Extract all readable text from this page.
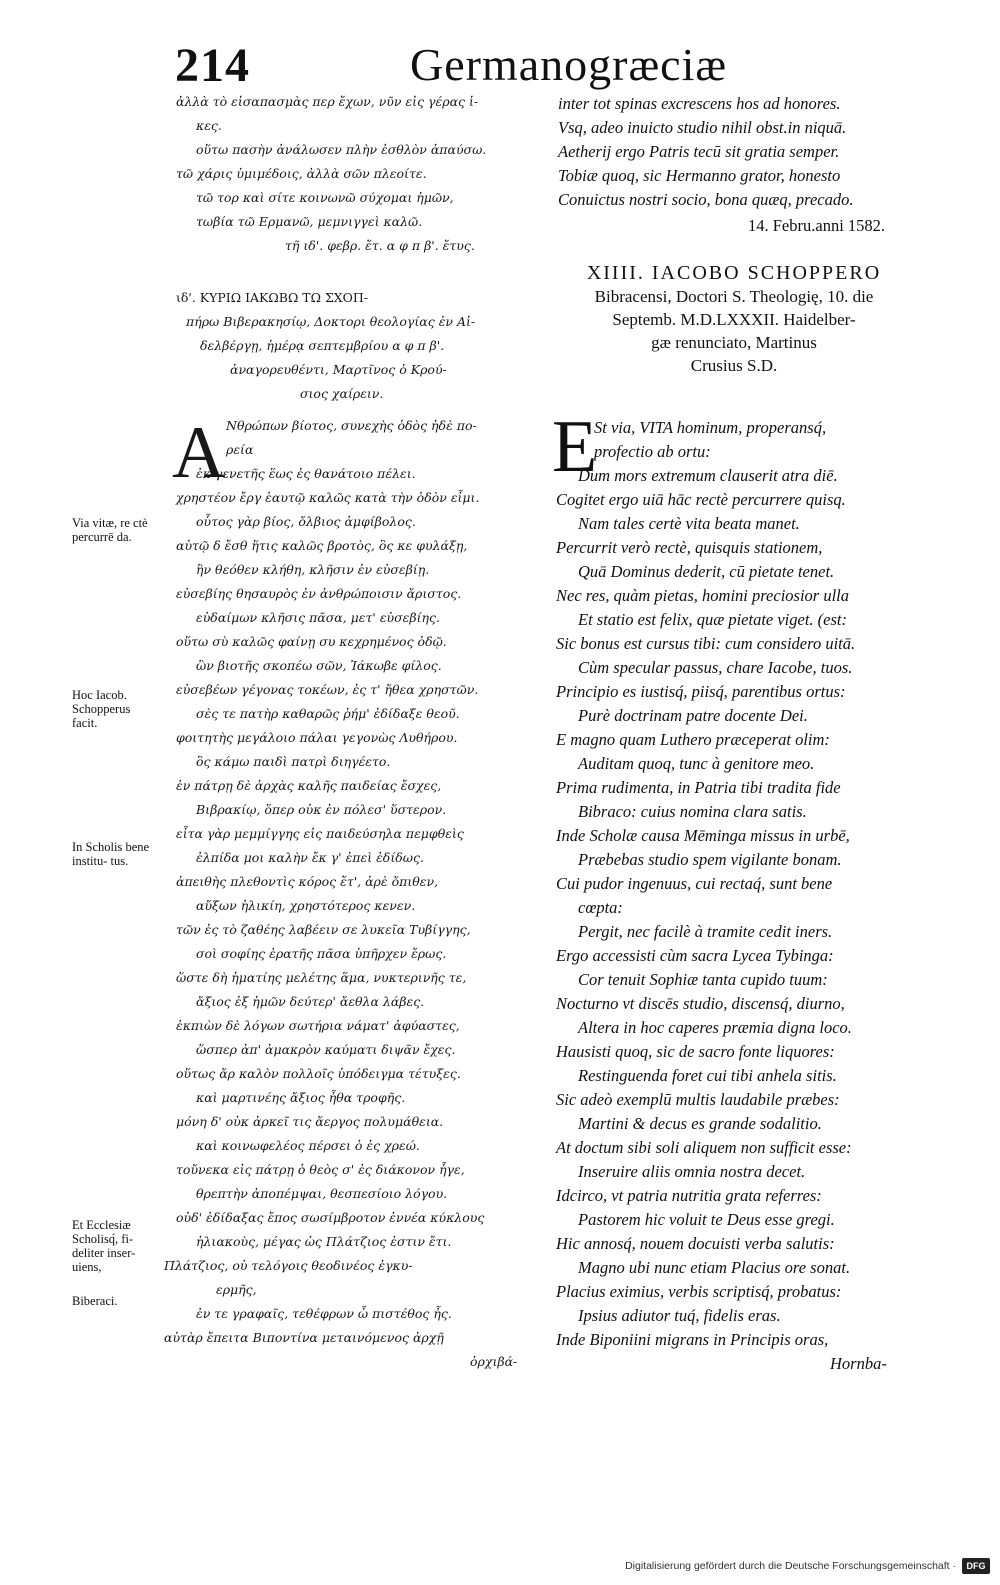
214	Germanogræciæ
Via vitæ, re ctè percurrē da.
Hoc Iacob. Schopperus facit.
In Scholis bene institu- tus.
Et Ecclesiæ Scholisq́, fi- deliter inser- uiens,
Biberaci.
ἀλλὰ τὸ εἰσαπασμὰς περ ἔχων, νῦν εἰς γέρας ἱ-
κες.
οὕτω πασὴν ἀνάλωσεν πλὴν ἐσθλὸν ἀπαύσω.
τῶ χάρις ὑμιμέδοις, ἀλλὰ σῶν πλεοίτε.
τῶ τορ καὶ σίτε κοινωνῶ σύχομαι ἡμῶν,
τωβία τῶ Ερμανῶ, μεμνιγγεὶ καλῶ.
τῆ ιδ'. φεβρ. ἔτ. α φ π β'. ἔτυς.
ιδ'. ΚΥΡΙΩ ΙΑΚΩΒΩ ΤΩ ΣΧΟΠ-
πήρω Βιβερακησίῳ, Δοκτορι θεολογίας ἐν Αἰ-
δελβέργῃ, ἡμέρᾳ σεπτεμβρίου α φ π β'.
ἀναγορευθέντι, Μαρτῖνος ὁ Κρού-
σιος χαίρειν.
Α Νθρώπων βίοτος, συνεχὴς ὁδὸς ἠδὲ πο-
ρεία
ἐκ γενετῆς ἕως ἐς θανάτοιο πέλει.
χρηστέον ἔργ ἑαυτῷ καλῶς κατὰ τὴν ὁδὸν εἶμι.
οὗτος γὰρ βίος, ὄλβιος ἀμφίβολος.
αὐτῷ δ ἔσθ ἥτις καλῶς βροτὸς, ὃς κε φυλάξῃ,
ἣν θεόθεν κλήθη, κλῆσιν ἐν εὐσεβίῃ.
εὐσεβίης θησαυρὸς ἐν ἀνθρώποισιν ἄριστος.
εὐδαίμων κλῆσις πᾶσα, μετ' εὐσεβίης.
οὕτω σὺ καλῶς φαίνῃ συ κεχρημένος ὁδῷ.
ὣν βιοτῆς σκοπέω σῶν, Ἰάκωβε φίλος.
εὐσεβέων γέγονας τοκέων, ἐς τ' ἤθεα χρηστῶν.
σὲς τε πατὴρ καθαρῶς ῥήμ' ἐδίδαξε θεοῦ.
φοιτητὴς μεγάλοιο πάλαι γεγονὼς Λυθήρου.
ὃς κάμω παιδὶ πατρὶ διηγέετο.
ἐν πάτρῃ δὲ ἀρχὰς καλῆς παιδείας ἔσχες,
Βιβρακίῳ, ὅπερ οὐκ ἐν πόλεσ' ὕστερον.
εἶτα γὰρ μεμμίγγης εἰς παιδεύσηλα πεμφθεὶς
ἐλπίδα μοι καλὴν ἔκ γ' ἐπεὶ ἐδίδως.
ἀπειθὴς πλεθοντὶς κόρος ἔτ', ἀρὲ ὄπιθεν,
αὔξων ἡλικίη, χρηστότερος κενεν.
τῶν ἐς τὸ ζαθέης λαβέειν σε λυκεῖα Τυβίγγης,
σοὶ σοφίης ἐρατῆς πᾶσα ὑπῆρχεν ἔρως.
ὥστε δὴ ἡματίης μελέτης ἅμα, νυκτερινῆς τε,
ἄξιος ἐξ ἡμῶν δεύτερ' ἄεθλα λάβες.
ἐκπιὼν δὲ λόγων σωτήρια νάματ' ἀφύαστες,
ὥσπερ ἀπ' ἀμακρὸν καύματι διψᾶν ἔχες.
οὕτως ἄρ καλὸν πολλοῖς ὑπόδειγμα τέτυξες.
καὶ μαρτινέης ἄξιος ἦθα τροφῆς.
μόνη δ' οὐκ ἀρκεῖ τις ἄεργος πολυμάθεια.
καὶ κοινωφελέος πέρσει ὁ ἐς χρεώ.
τοὔνεκα εἰς πάτρῃ ὁ θεὸς σ' ἐς διάκονον ἦγε,
θρεπτὴν ἀποπέμψαι, θεσπεσίοιο λόγου.
οὐδ' ἐδίδαξας ἔπος σωσίμβροτον ἐννέα κύκλους
ἡλιακοὺς, μέγας ὡς Πλάτζιος ἐστιν ἔτι.
Πλάτζιος, οὐ τελόγοις θεοδινέος ἐγκυ-
ερμῆς,
ἐν τε γραφαῖς, τεθέφρων ὦ πιστέθος ἦς.
αὐτὰρ ἔπειτα Βιποντίνα μεταινόμενος ἀρχῇ
ὀρχιβά-
inter tot spinas excrescens hos ad honores.
Vsq, adeo inuicto studio nihil obst.in niquā.
Aetherij ergo Patris tecū sit gratia semper.
Tobiæ quoq, sic Hermanno grator, honesto
Conuictus nostri socio, bona quæq, precado.
14. Febru.anni 1582.
XIIII. IACOBO SCHOPPERO
Bibracensi, Doctori S. Theologię, 10. die
Septemb. M.D.LXXXII. Haidelber-
gæ renunciato, Martinus
Crusius S.D.
E
St via, VITA hominum, properansq́,
profectio ab ortu:
Dum mors extremum clauserit atra diē.
Cogitet ergo uiā hāc rectè percurrere quisq.
Nam tales certè vita beata manet.
Percurrit verò rectè, quisquis stationem,
Quā Dominus dederit, cū pietate tenet.
Nec res, quàm pietas, homini preciosior ulla
Et statio est felix, quæ pietate viget. (est:
Sic bonus est cursus tibi: cum considero uitā.
Cùm specular passus, chare Iacobe, tuos.
Principio es iustisq́, piisq́, parentibus ortus:
Purè doctrinam patre docente Dei.
E magno quam Luthero præceperat olim:
Auditam quoq, tunc à genitore meo.
Prima rudimenta, in Patria tibi tradita fide
Bibraco: cuius nomina clara satis.
Inde Scholæ causa Mēminga missus in urbē,
Præbebas studio spem vigilante bonam.
Cui pudor ingenuus, cui rectaq́, sunt bene
cœpta:
Pergit, nec facilè à tramite cedit iners.
Ergo accessisti cùm sacra Lycea Tybinga:
Cor tenuit Sophiæ tanta cupido tuum:
Nocturno vt discēs studio, discensq́, diurno,
Altera in hoc caperes præmia digna loco.
Hausisti quoq, sic de sacro fonte liquores:
Restinguenda foret cui tibi anhela sitis.
Sic adeò exemplū multis laudabile præbes:
Martini & decus es grande sodalitio.
At doctum sibi soli aliquem non sufficit esse:
Inseruire aliis omnia nostra decet.
Idcirco, vt patria nutritia grata referres:
Pastorem hic voluit te Deus esse gregi.
Hic annosq́, nouem docuisti verba salutis:
Magno ubi nunc etiam Placius ore sonat.
Placius eximius, verbis scriptisq́, probatus:
Ipsius adiutor tuq́, fidelis eras.
Inde Biponiini migrans in Principis oras,
Hornba-
Digitalisierung gefördert durch die Deutsche Forschungsgemeinschaft ·	DFG
